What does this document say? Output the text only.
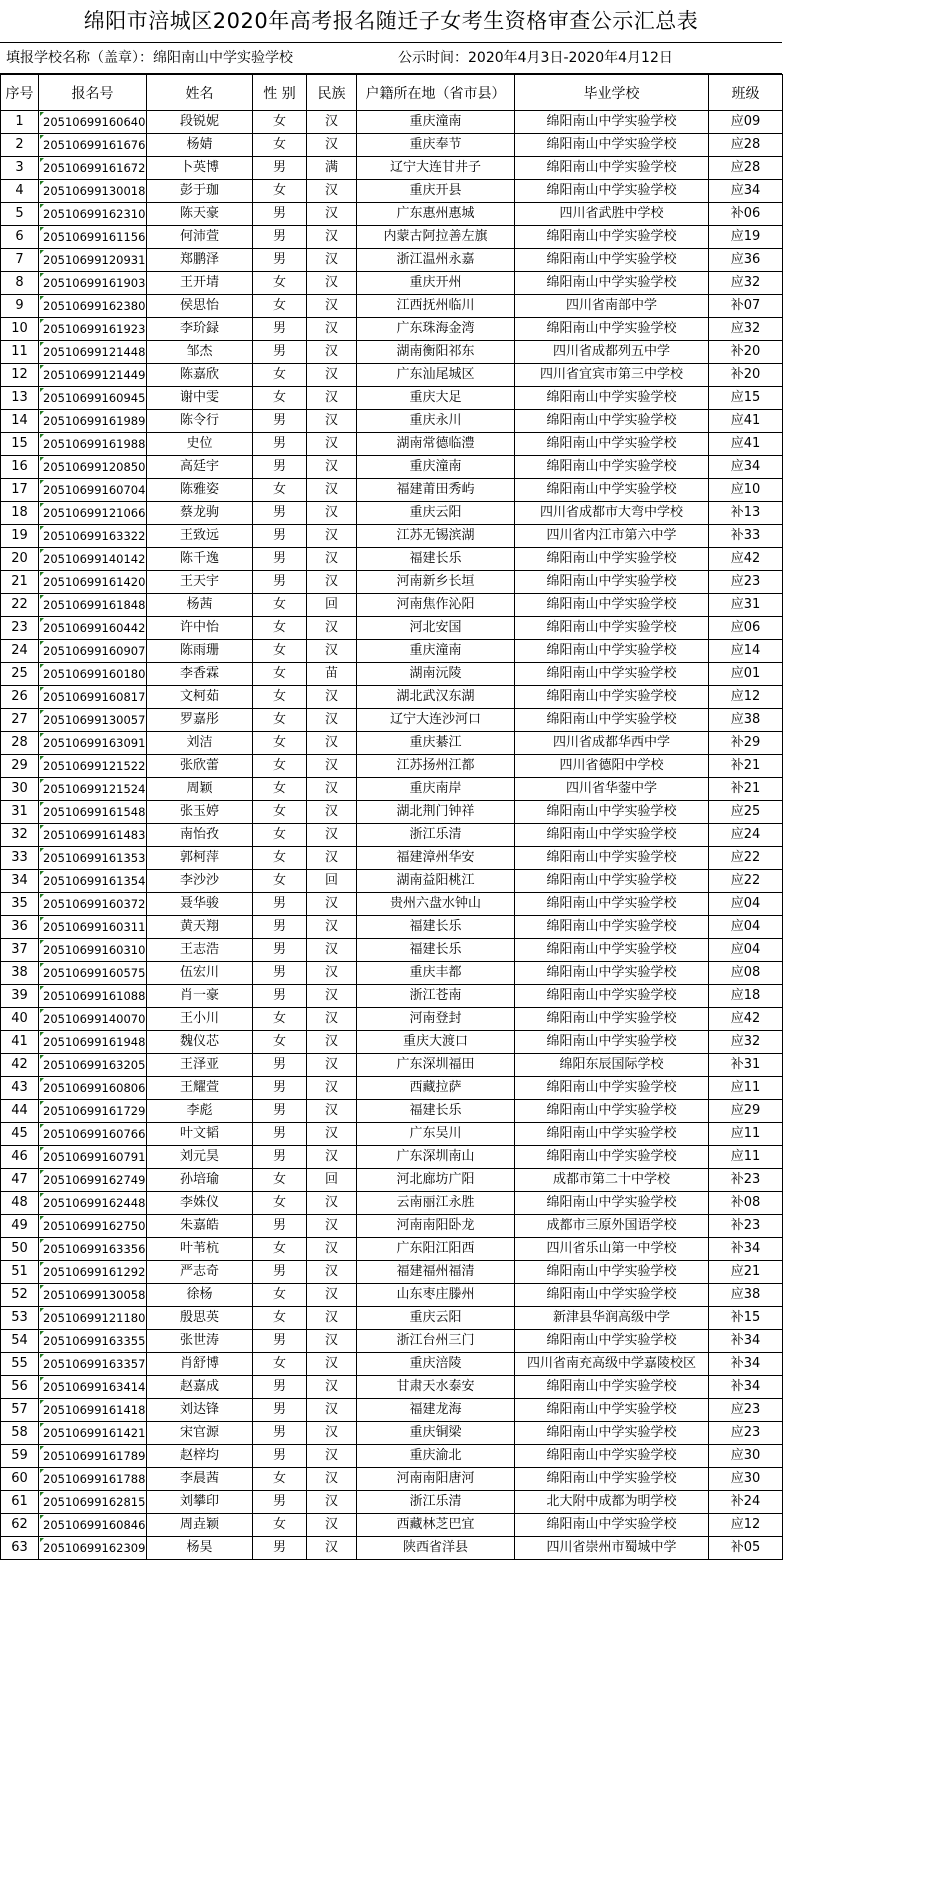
绵阳市涪城区2020年高考报名随迁子女考生资格审查公示汇总表
填报学校名称（盖章）：绵阳南山中学实验学校	公示时间：2020年4月3日-2020年4月12日
序号	报名号	姓名	性 别	民族	户籍所在地（省市县）	毕业学校	班级
1	20510699160640	段锐妮	女	汉	重庆潼南	绵阳南山中学实验学校	应09
2	20510699161676	杨婧	女	汉	重庆奉节	绵阳南山中学实验学校	应28
3	20510699161672	卜英博	男	满	辽宁大连甘井子	绵阳南山中学实验学校	应28
4	20510699130018	彭于珈	女	汉	重庆开县	绵阳南山中学实验学校	应34
5	20510699162310	陈天豪	男	汉	广东惠州惠城	四川省武胜中学校	补06
6	20510699161156	何沛萱	男	汉	内蒙古阿拉善左旗	绵阳南山中学实验学校	应19
7	20510699120931	郑鹏泽	男	汉	浙江温州永嘉	绵阳南山中学实验学校	应36
8	20510699161903	王开埥	女	汉	重庆开州	绵阳南山中学实验学校	应32
9	20510699162380	侯思怡	女	汉	江西抚州临川	四川省南部中学	补07
10	20510699161923	李玠録	男	汉	广东珠海金湾	绵阳南山中学实验学校	应32
11	20510699121448	邹杰	男	汉	湖南衡阳祁东	四川省成都列五中学	补20
12	20510699121449	陈嘉欣	女	汉	广东汕尾城区	四川省宜宾市第三中学校	补20
13	20510699160945	谢中雯	女	汉	重庆大足	绵阳南山中学实验学校	应15
14	20510699161989	陈令行	男	汉	重庆永川	绵阳南山中学实验学校	应41
15	20510699161988	史位	男	汉	湖南常德临澧	绵阳南山中学实验学校	应41
16	20510699120850	高廷宇	男	汉	重庆潼南	绵阳南山中学实验学校	应34
17	20510699160704	陈雅姿	女	汉	福建莆田秀屿	绵阳南山中学实验学校	应10
18	20510699121066	蔡龙驹	男	汉	重庆云阳	四川省成都市大弯中学校	补13
19	20510699163322	王致远	男	汉	江苏无锡滨湖	四川省内江市第六中学	补33
20	20510699140142	陈千逸	男	汉	福建长乐	绵阳南山中学实验学校	应42
21	20510699161420	王天宇	男	汉	河南新乡长垣	绵阳南山中学实验学校	应23
22	20510699161848	杨茜	女	回	河南焦作沁阳	绵阳南山中学实验学校	应31
23	20510699160442	许中怡	女	汉	河北安国	绵阳南山中学实验学校	应06
24	20510699160907	陈雨珊	女	汉	重庆潼南	绵阳南山中学实验学校	应14
25	20510699160180	李香霖	女	苗	湖南沅陵	绵阳南山中学实验学校	应01
26	20510699160817	文柯茹	女	汉	湖北武汉东湖	绵阳南山中学实验学校	应12
27	20510699130057	罗嘉彤	女	汉	辽宁大连沙河口	绵阳南山中学实验学校	应38
28	20510699163091	刘洁	女	汉	重庆綦江	四川省成都华西中学	补29
29	20510699121522	张欣蕾	女	汉	江苏扬州江都	四川省德阳中学校	补21
30	20510699121524	周颖	女	汉	重庆南岸	四川省华蓥中学	补21
31	20510699161548	张玉婷	女	汉	湖北荆门钟祥	绵阳南山中学实验学校	应25
32	20510699161483	南怡孜	女	汉	浙江乐清	绵阳南山中学实验学校	应24
33	20510699161353	郭柯萍	女	汉	福建漳州华安	绵阳南山中学实验学校	应22
34	20510699161354	李沙沙	女	回	湖南益阳桃江	绵阳南山中学实验学校	应22
35	20510699160372	聂华骏	男	汉	贵州六盘水钟山	绵阳南山中学实验学校	应04
36	20510699160311	黄天翔	男	汉	福建长乐	绵阳南山中学实验学校	应04
37	20510699160310	王志浩	男	汉	福建长乐	绵阳南山中学实验学校	应04
38	20510699160575	伍宏川	男	汉	重庆丰都	绵阳南山中学实验学校	应08
39	20510699161088	肖一豪	男	汉	浙江苍南	绵阳南山中学实验学校	应18
40	20510699140070	王小川	女	汉	河南登封	绵阳南山中学实验学校	应42
41	20510699161948	魏仪芯	女	汉	重庆大渡口	绵阳南山中学实验学校	应32
42	20510699163205	王泽亚	男	汉	广东深圳福田	绵阳东辰国际学校	补31
43	20510699160806	王耀萱	男	汉	西藏拉萨	绵阳南山中学实验学校	应11
44	20510699161729	李彪	男	汉	福建长乐	绵阳南山中学实验学校	应29
45	20510699160766	叶文韬	男	汉	广东吴川	绵阳南山中学实验学校	应11
46	20510699160791	刘元昊	男	汉	广东深圳南山	绵阳南山中学实验学校	应11
47	20510699162749	孙培瑜	女	回	河北廊坊广阳	成都市第二十中学校	补23
48	20510699162448	李姝仪	女	汉	云南丽江永胜	绵阳南山中学实验学校	补08
49	20510699162750	朱嘉皓	男	汉	河南南阳卧龙	成都市三原外国语学校	补23
50	20510699163356	叶苇杭	女	汉	广东阳江阳西	四川省乐山第一中学校	补34
51	20510699161292	严志奇	男	汉	福建福州福清	绵阳南山中学实验学校	应21
52	20510699130058	徐杨	女	汉	山东枣庄滕州	绵阳南山中学实验学校	应38
53	20510699121180	殷思英	女	汉	重庆云阳	新津县华润高级中学	补15
54	20510699163355	张世涛	男	汉	浙江台州三门	绵阳南山中学实验学校	补34
55	20510699163357	肖舒博	女	汉	重庆涪陵	四川省南充高级中学嘉陵校区	补34
56	20510699163414	赵嘉成	男	汉	甘肃天水泰安	绵阳南山中学实验学校	补34
57	20510699161418	刘达锋	男	汉	福建龙海	绵阳南山中学实验学校	应23
58	20510699161421	宋官源	男	汉	重庆铜梁	绵阳南山中学实验学校	应23
59	20510699161789	赵梓均	男	汉	重庆渝北	绵阳南山中学实验学校	应30
60	20510699161788	李晨茜	女	汉	河南南阳唐河	绵阳南山中学实验学校	应30
61	20510699162815	刘攀印	男	汉	浙江乐清	北大附中成都为明学校	补24
62	20510699160846	周垚颖	女	汉	西藏林芝巴宜	绵阳南山中学实验学校	应12
63	20510699162309	杨昊	男	汉	陕西省洋县	四川省崇州市蜀城中学	补05
